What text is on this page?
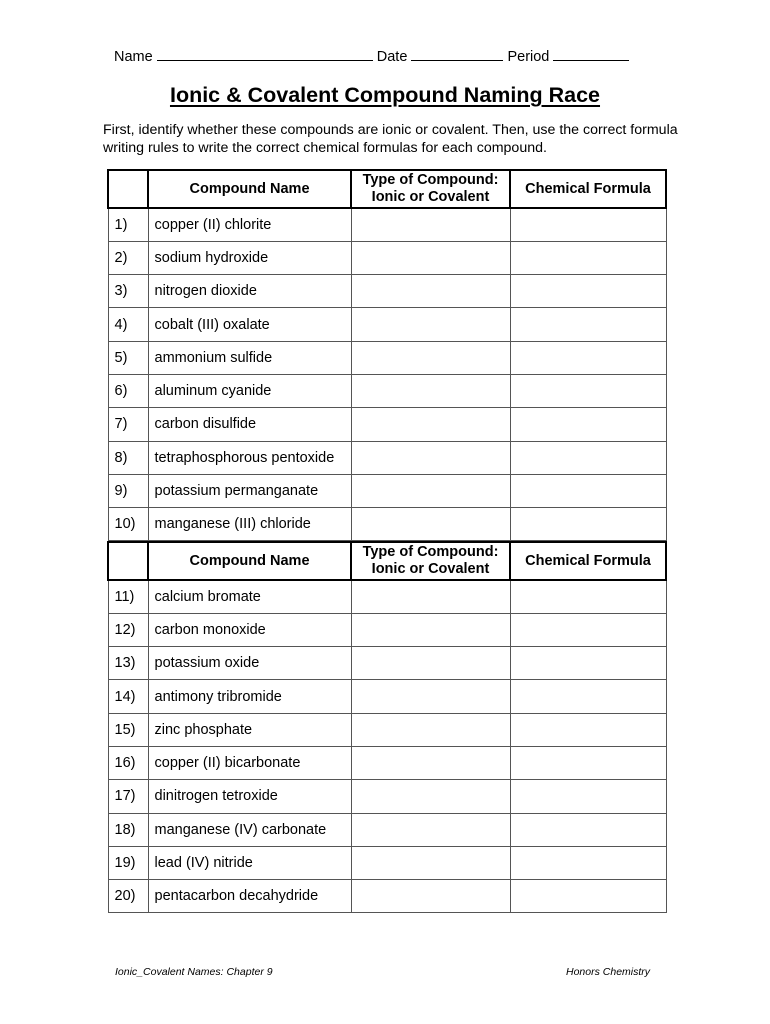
Name	Date	Period
Ionic & Covalent Compound Naming Race
First, identify whether these compounds are ionic or covalent. Then, use the correct formula writing rules to write the correct chemical formulas for each compound.
	Compound Name	Type of Compound:
Ionic or Covalent	Chemical Formula
1)	copper (II) chlorite		
2)	sodium hydroxide		
3)	nitrogen dioxide		
4)	cobalt (III) oxalate		
5)	ammonium sulfide		
6)	aluminum cyanide		
7)	carbon disulfide		
8)	tetraphosphorous pentoxide		
9)	potassium permanganate		
10)	manganese (III) chloride		
	Compound Name	Type of Compound:
Ionic or Covalent	Chemical Formula
11)	calcium bromate		
12)	carbon monoxide		
13)	potassium oxide		
14)	antimony tribromide		
15)	zinc phosphate		
16)	copper (II) bicarbonate		
17)	dinitrogen tetroxide		
18)	manganese (IV) carbonate		
19)	lead (IV) nitride		
20)	pentacarbon decahydride		
Ionic_Covalent Names: Chapter 9	Honors Chemistry
